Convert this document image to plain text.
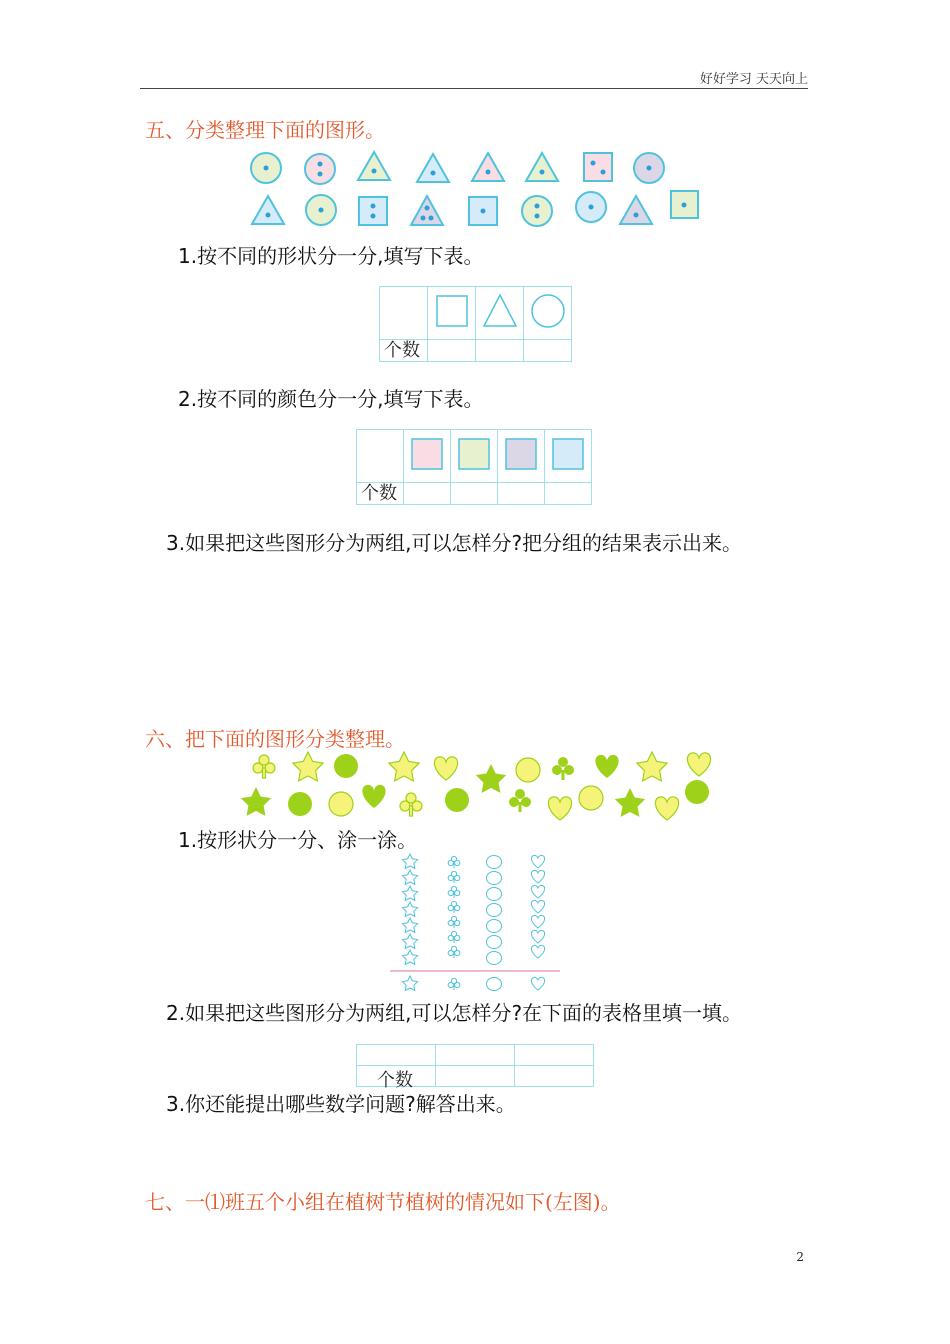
好好学习 天天向上
五、分类整理下面的图形。
1.按不同的形状分一分,填写下表。

个数
2.按不同的颜色分一分,填写下表。

个数
3.如果把这些图形分为两组,可以怎样分?把分组的结果表示出来。
六、把下面的图形分类整理。
1.按形状分一分、涂一涂。
2.如果把这些图形分为两组,可以怎样分?在下面的表格里填一填。

个数
3.你还能提出哪些数学问题?解答出来。
七、一⑴班五个小组在植树节植树的情况如下(左图)。
2
